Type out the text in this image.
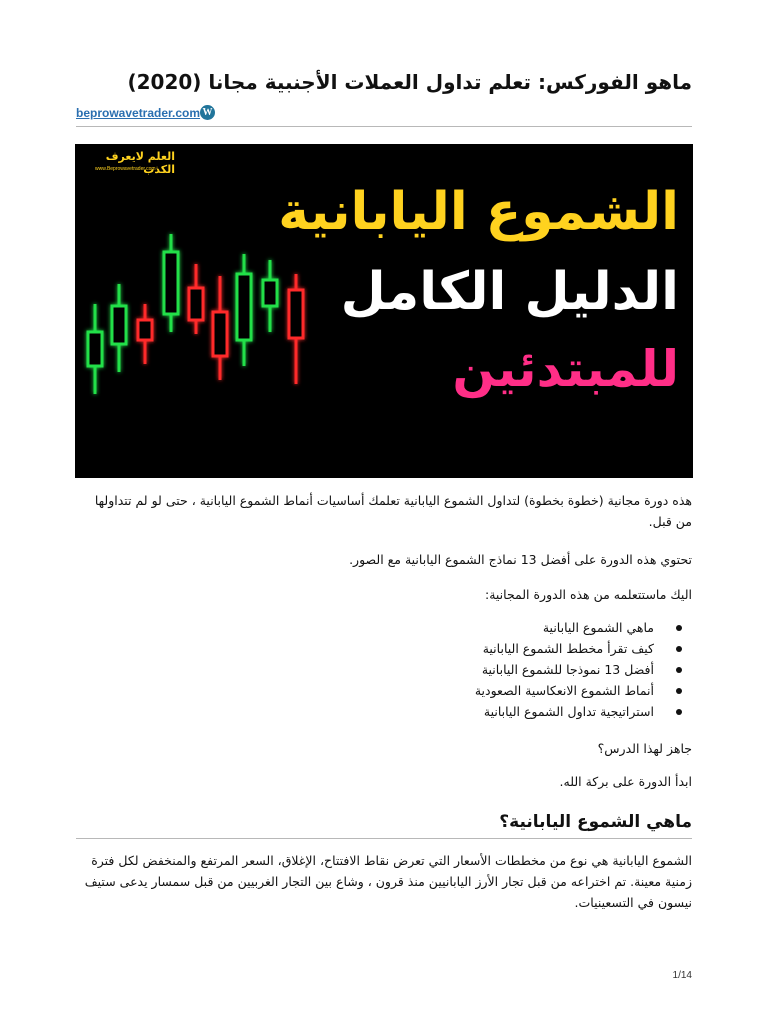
ماهو الفوركس: تعلم تداول العملات الأجنبية مجانا (2020)
beprowavetrader.com W
العلم لايعرف الكذب
www.Beprowavetrader.com
الشموع اليابانية
الدليل الكامل
للمبتدئين

هذه دورة مجانية (خطوة بخطوة) لتداول الشموع اليابانية تعلمك أساسيات أنماط الشموع اليابانية ، حتى لو لم تتداولها من قبل.

تحتوي هذه الدورة على أفضل 13 نماذج الشموع اليابانية مع الصور.

اليك ماستتعلمه من هذه الدورة المجانية:

ماهي الشموع اليابانية
كيف تقرأ مخطط الشموع اليابانية
أفضل 13 نموذجا للشموع اليابانية
أنماط الشموع الانعكاسية الصعودية
استراتيجية تداول الشموع اليابانية

جاهز لهذا الدرس؟

ابدأ الدورة على بركة الله.

ماهي الشموع اليابانية؟

الشموع اليابانية هي نوع من مخططات الأسعار التي تعرض نقاط الافتتاح، الإغلاق، السعر المرتفع والمنخفض لكل فترة زمنية معينة. تم اختراعه من قبل تجار الأرز اليابانيين منذ قرون ، وشاع بين التجار الغربيين من قبل سمسار يدعى ستيف نيسون في التسعينيات.

1/14
